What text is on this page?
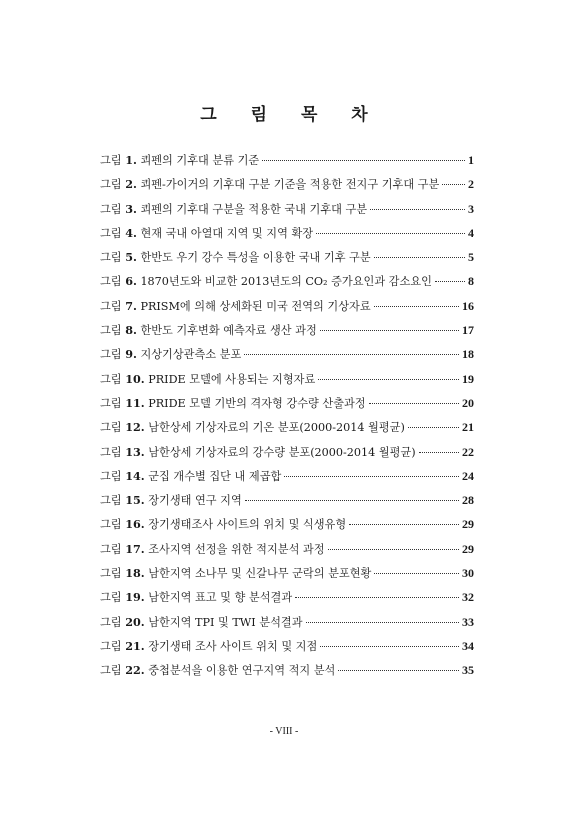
그 림 목 차
그림 1. 쾨펜의 기후대 분류 기준	1
그림 2. 쾨펜-가이거의 기후대 구분 기준을 적용한 전지구 기후대 구분 2
그림 3. 쾨펜의 기후대 구분을 적용한 국내 기후대 구분	3
그림 4. 현재 국내 아열대 지역 및 지역 확장	4
그림 5. 한반도 우기 강수 특성을 이용한 국내 기후 구분	5
그림 6. 1870년도와 비교한 2013년도의 CO₂ 증가요인과 감소요인	8
그림 7. PRISM에 의해 상세화된 미국 전역의 기상자료	16
그림 8. 한반도 기후변화 예측자료 생산 과정	17
그림 9. 지상기상관측소 분포	18
그림 10. PRIDE 모델에 사용되는 지형자료	19
그림 11. PRIDE 모델 기반의 격자형 강수량 산출과정	20
그림 12. 남한상세 기상자료의 기온 분포(2000-2014 월평균)	21
그림 13. 남한상세 기상자료의 강수량 분포(2000-2014 월평균)	22
그림 14. 군집 개수별 집단 내 제곱합	24
그림 15. 장기생태 연구 지역	28
그림 16. 장기생태조사 사이트의 위치 및 식생유형	29
그림 17. 조사지역 선정을 위한 적지분석 과정	29
그림 18. 남한지역 소나무 및 신갈나무 군락의 분포현황	30
그림 19. 남한지역 표고 및 향 분석결과	32
그림 20. 남한지역 TPI 및 TWI 분석결과	33
그림 21. 장기생태 조사 사이트 위치 및 지점	34
그림 22. 중첩분석을 이용한 연구지역 적지 분석	35
- VIII -
